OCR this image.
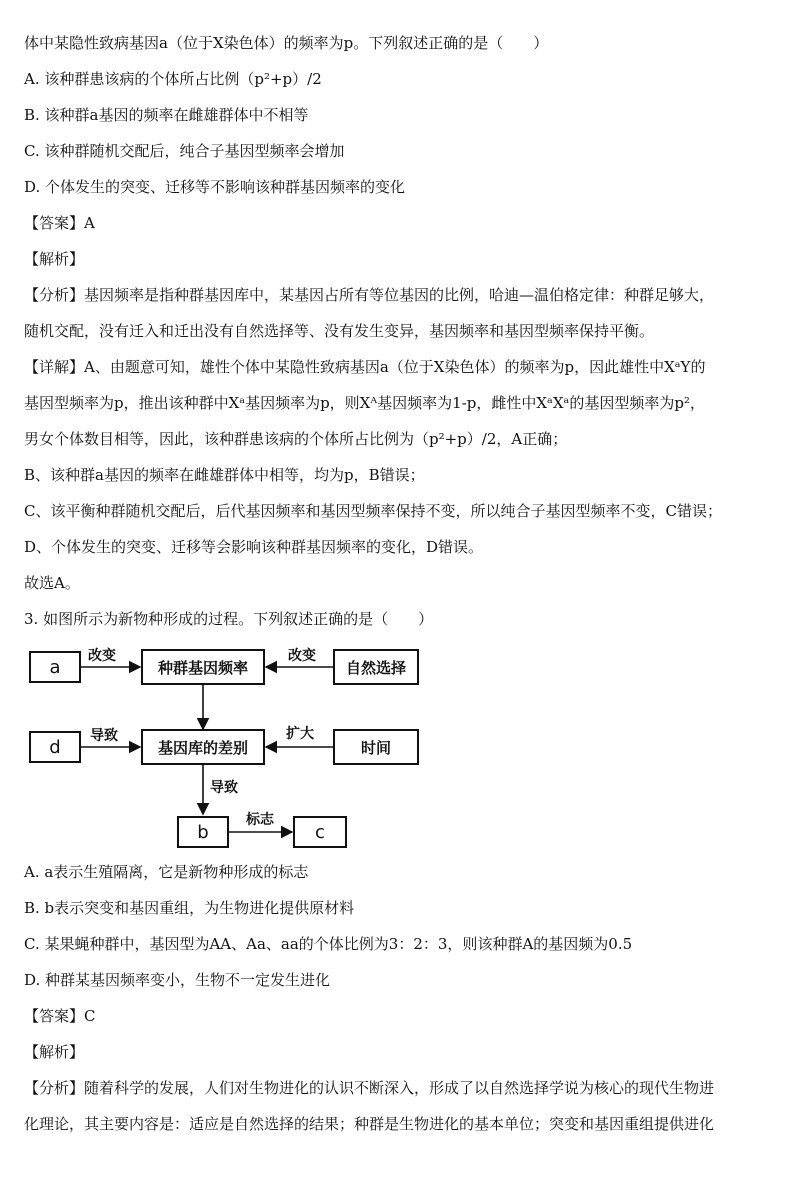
体中某隐性致病基因a（位于X染色体）的频率为p。下列叙述正确的是（　　）
A. 该种群患该病的个体所占比例（p²+p）/2
B. 该种群a基因的频率在雌雄群体中不相等
C. 该种群随机交配后，纯合子基因型频率会增加
D. 个体发生的突变、迁移等不影响该种群基因频率的变化
【答案】A
【解析】
【分析】基因频率是指种群基因库中，某基因占所有等位基因的比例，哈迪—温伯格定律：种群足够大，
随机交配，没有迁入和迁出没有自然选择等、没有发生变异，基因频率和基因型频率保持平衡。
【详解】A、由题意可知，雄性个体中某隐性致病基因a（位于X染色体）的频率为p，因此雄性中XᵃY的
基因型频率为p，推出该种群中Xᵃ基因频率为p，则Xᴬ基因频率为1-p，雌性中XᵃXᵃ的基因型频率为p²，
男女个体数目相等，因此，该种群患该病的个体所占比例为（p²+p）/2，A正确；
B、该种群a基因的频率在雌雄群体中相等，均为p，B错误；
C、该平衡种群随机交配后，后代基因频率和基因型频率保持不变，所以纯合子基因型频率不变，C错误；
D、个体发生的突变、迁移等会影响该种群基因频率的变化，D错误。
故选A。
3. 如图所示为新物种形成的过程。下列叙述正确的是（　　）
a	种群基因频率	自然选择
改变	改变
d	基因库的差别	时间
导致	扩大
导致
b	c
标志
A. a表示生殖隔离，它是新物种形成的标志
B. b表示突变和基因重组，为生物进化提供原材料
C. 某果蝇种群中，基因型为AA、Aa、aa的个体比例为3：2：3，则该种群A的基因频为0.5
D. 种群某基因频率变小，生物不一定发生进化
【答案】C
【解析】
【分析】随着科学的发展，人们对生物进化的认识不断深入，形成了以自然选择学说为核心的现代生物进
化理论，其主要内容是：适应是自然选择的结果；种群是生物进化的基本单位；突变和基因重组提供进化
